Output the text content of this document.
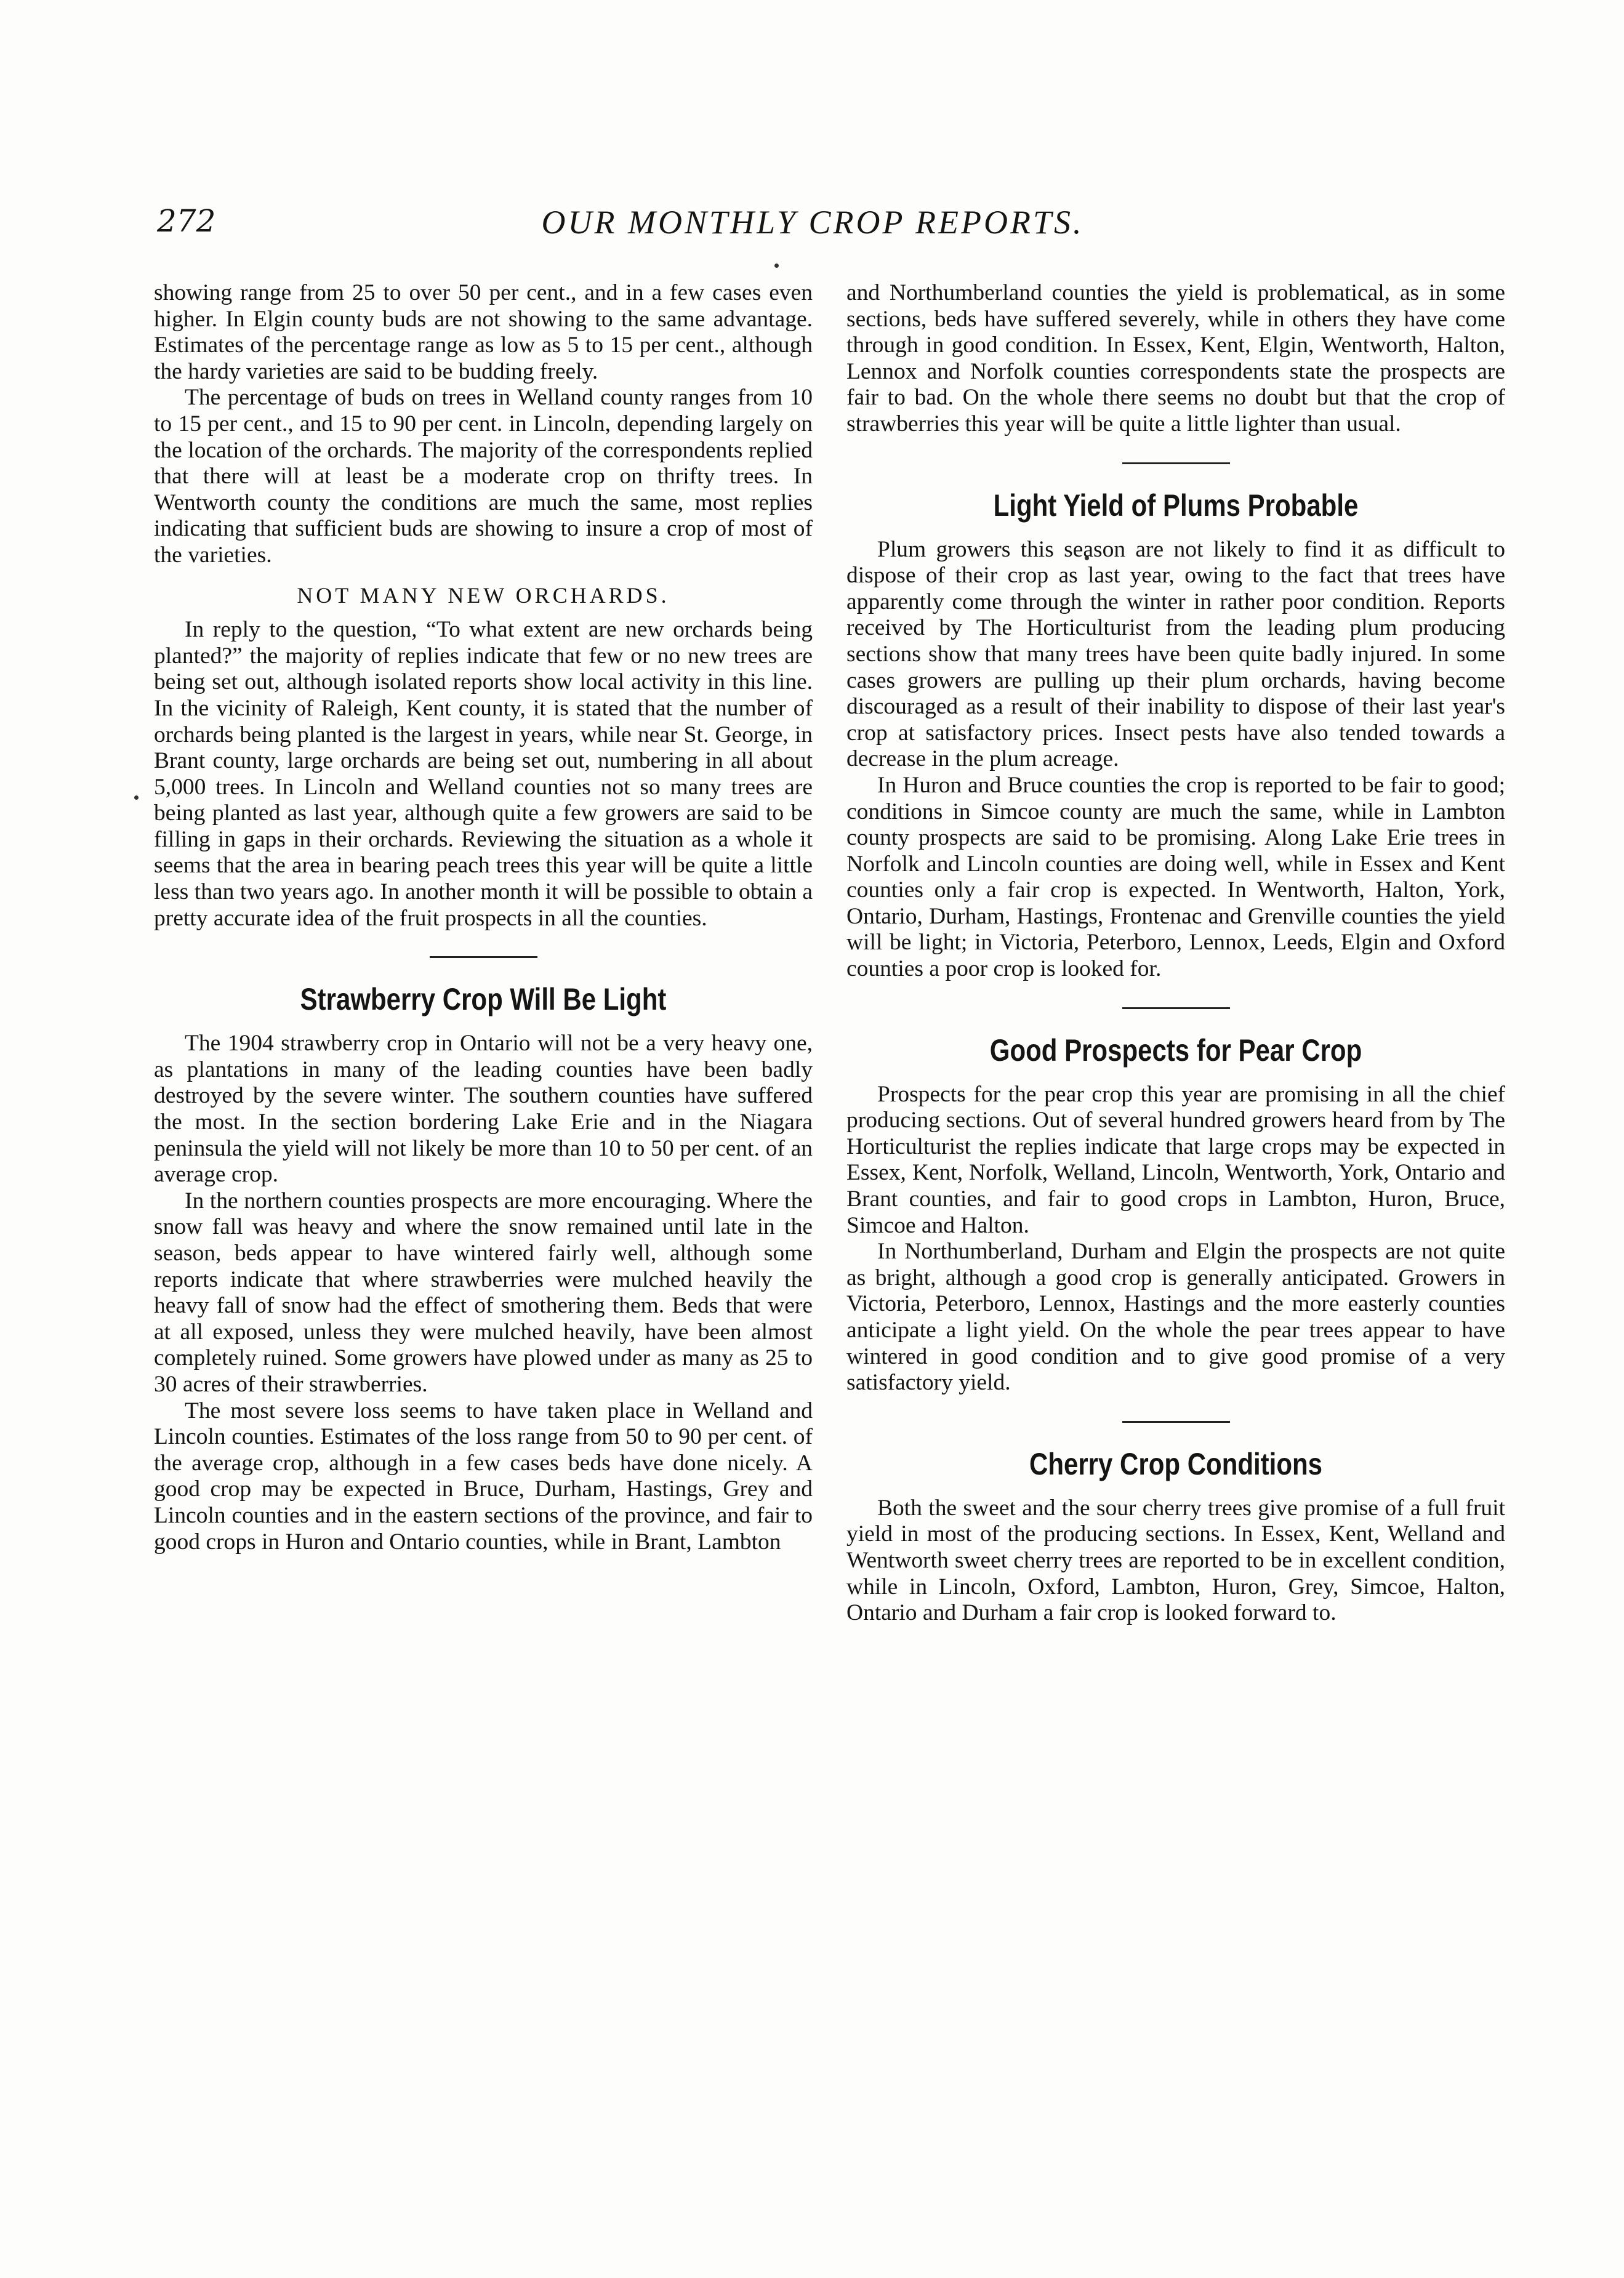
272	OUR MONTHLY CROP REPORTS.

showing range from 25 to over 50 per cent., and in a few cases even higher. In Elgin county buds are not showing to the same advantage. Estimates of the percentage range as low as 5 to 15 per cent., although the hardy varieties are said to be budding freely.

The percentage of buds on trees in Welland county ranges from 10 to 15 per cent., and 15 to 90 per cent. in Lincoln, depending largely on the location of the orchards. The majority of the correspondents replied that there will at least be a moderate crop on thrifty trees. In Wentworth county the conditions are much the same, most replies indicating that sufficient buds are showing to insure a crop of most of the varieties.

NOT MANY NEW ORCHARDS.

In reply to the question, “To what extent are new orchards being planted?” the majority of replies indicate that few or no new trees are being set out, although isolated reports show local activity in this line. In the vicinity of Raleigh, Kent county, it is stated that the number of orchards being planted is the largest in years, while near St. George, in Brant county, large orchards are being set out, numbering in all about 5,000 trees. In Lincoln and Welland counties not so many trees are being planted as last year, although quite a few growers are said to be filling in gaps in their orchards. Reviewing the situation as a whole it seems that the area in bearing peach trees this year will be quite a little less than two years ago. In another month it will be possible to obtain a pretty accurate idea of the fruit prospects in all the counties.

Strawberry Crop Will Be Light

The 1904 strawberry crop in Ontario will not be a very heavy one, as plantations in many of the leading counties have been badly destroyed by the severe winter. The southern counties have suffered the most. In the section bordering Lake Erie and in the Niagara peninsula the yield will not likely be more than 10 to 50 per cent. of an average crop.

In the northern counties prospects are more encouraging. Where the snow fall was heavy and where the snow remained until late in the season, beds appear to have wintered fairly well, although some reports indicate that where strawberries were mulched heavily the heavy fall of snow had the effect of smothering them. Beds that were at all exposed, unless they were mulched heavily, have been almost completely ruined. Some growers have plowed under as many as 25 to 30 acres of their strawberries.

The most severe loss seems to have taken place in Welland and Lincoln counties. Estimates of the loss range from 50 to 90 per cent. of the average crop, although in a few cases beds have done nicely. A good crop may be expected in Bruce, Durham, Hastings, Grey and Lincoln counties and in the eastern sections of the province, and fair to good crops in Huron and Ontario counties, while in Brant, Lambton

and Northumberland counties the yield is problematical, as in some sections, beds have suffered severely, while in others they have come through in good condition. In Essex, Kent, Elgin, Wentworth, Halton, Lennox and Norfolk counties correspondents state the prospects are fair to bad. On the whole there seems no doubt but that the crop of strawberries this year will be quite a little lighter than usual.

Light Yield of Plums Probable

Plum growers this season are not likely to find it as difficult to dispose of their crop as last year, owing to the fact that trees have apparently come through the winter in rather poor condition. Reports received by The Horticulturist from the leading plum producing sections show that many trees have been quite badly injured. In some cases growers are pulling up their plum orchards, having become discouraged as a result of their inability to dispose of their last year's crop at satisfactory prices. Insect pests have also tended towards a decrease in the plum acreage.

In Huron and Bruce counties the crop is reported to be fair to good; conditions in Simcoe county are much the same, while in Lambton county prospects are said to be promising. Along Lake Erie trees in Norfolk and Lincoln counties are doing well, while in Essex and Kent counties only a fair crop is expected. In Wentworth, Halton, York, Ontario, Durham, Hastings, Frontenac and Grenville counties the yield will be light; in Victoria, Peterboro, Lennox, Leeds, Elgin and Oxford counties a poor crop is looked for.

Good Prospects for Pear Crop

Prospects for the pear crop this year are promising in all the chief producing sections. Out of several hundred growers heard from by The Horticulturist the replies indicate that large crops may be expected in Essex, Kent, Norfolk, Welland, Lincoln, Wentworth, York, Ontario and Brant counties, and fair to good crops in Lambton, Huron, Bruce, Simcoe and Halton.

In Northumberland, Durham and Elgin the prospects are not quite as bright, although a good crop is generally anticipated. Growers in Victoria, Peterboro, Lennox, Hastings and the more easterly counties anticipate a light yield. On the whole the pear trees appear to have wintered in good condition and to give good promise of a very satisfactory yield.

Cherry Crop Conditions

Both the sweet and the sour cherry trees give promise of a full fruit yield in most of the producing sections. In Essex, Kent, Welland and Wentworth sweet cherry trees are reported to be in excellent condition, while in Lincoln, Oxford, Lambton, Huron, Grey, Simcoe, Halton, Ontario and Durham a fair crop is looked forward to.
